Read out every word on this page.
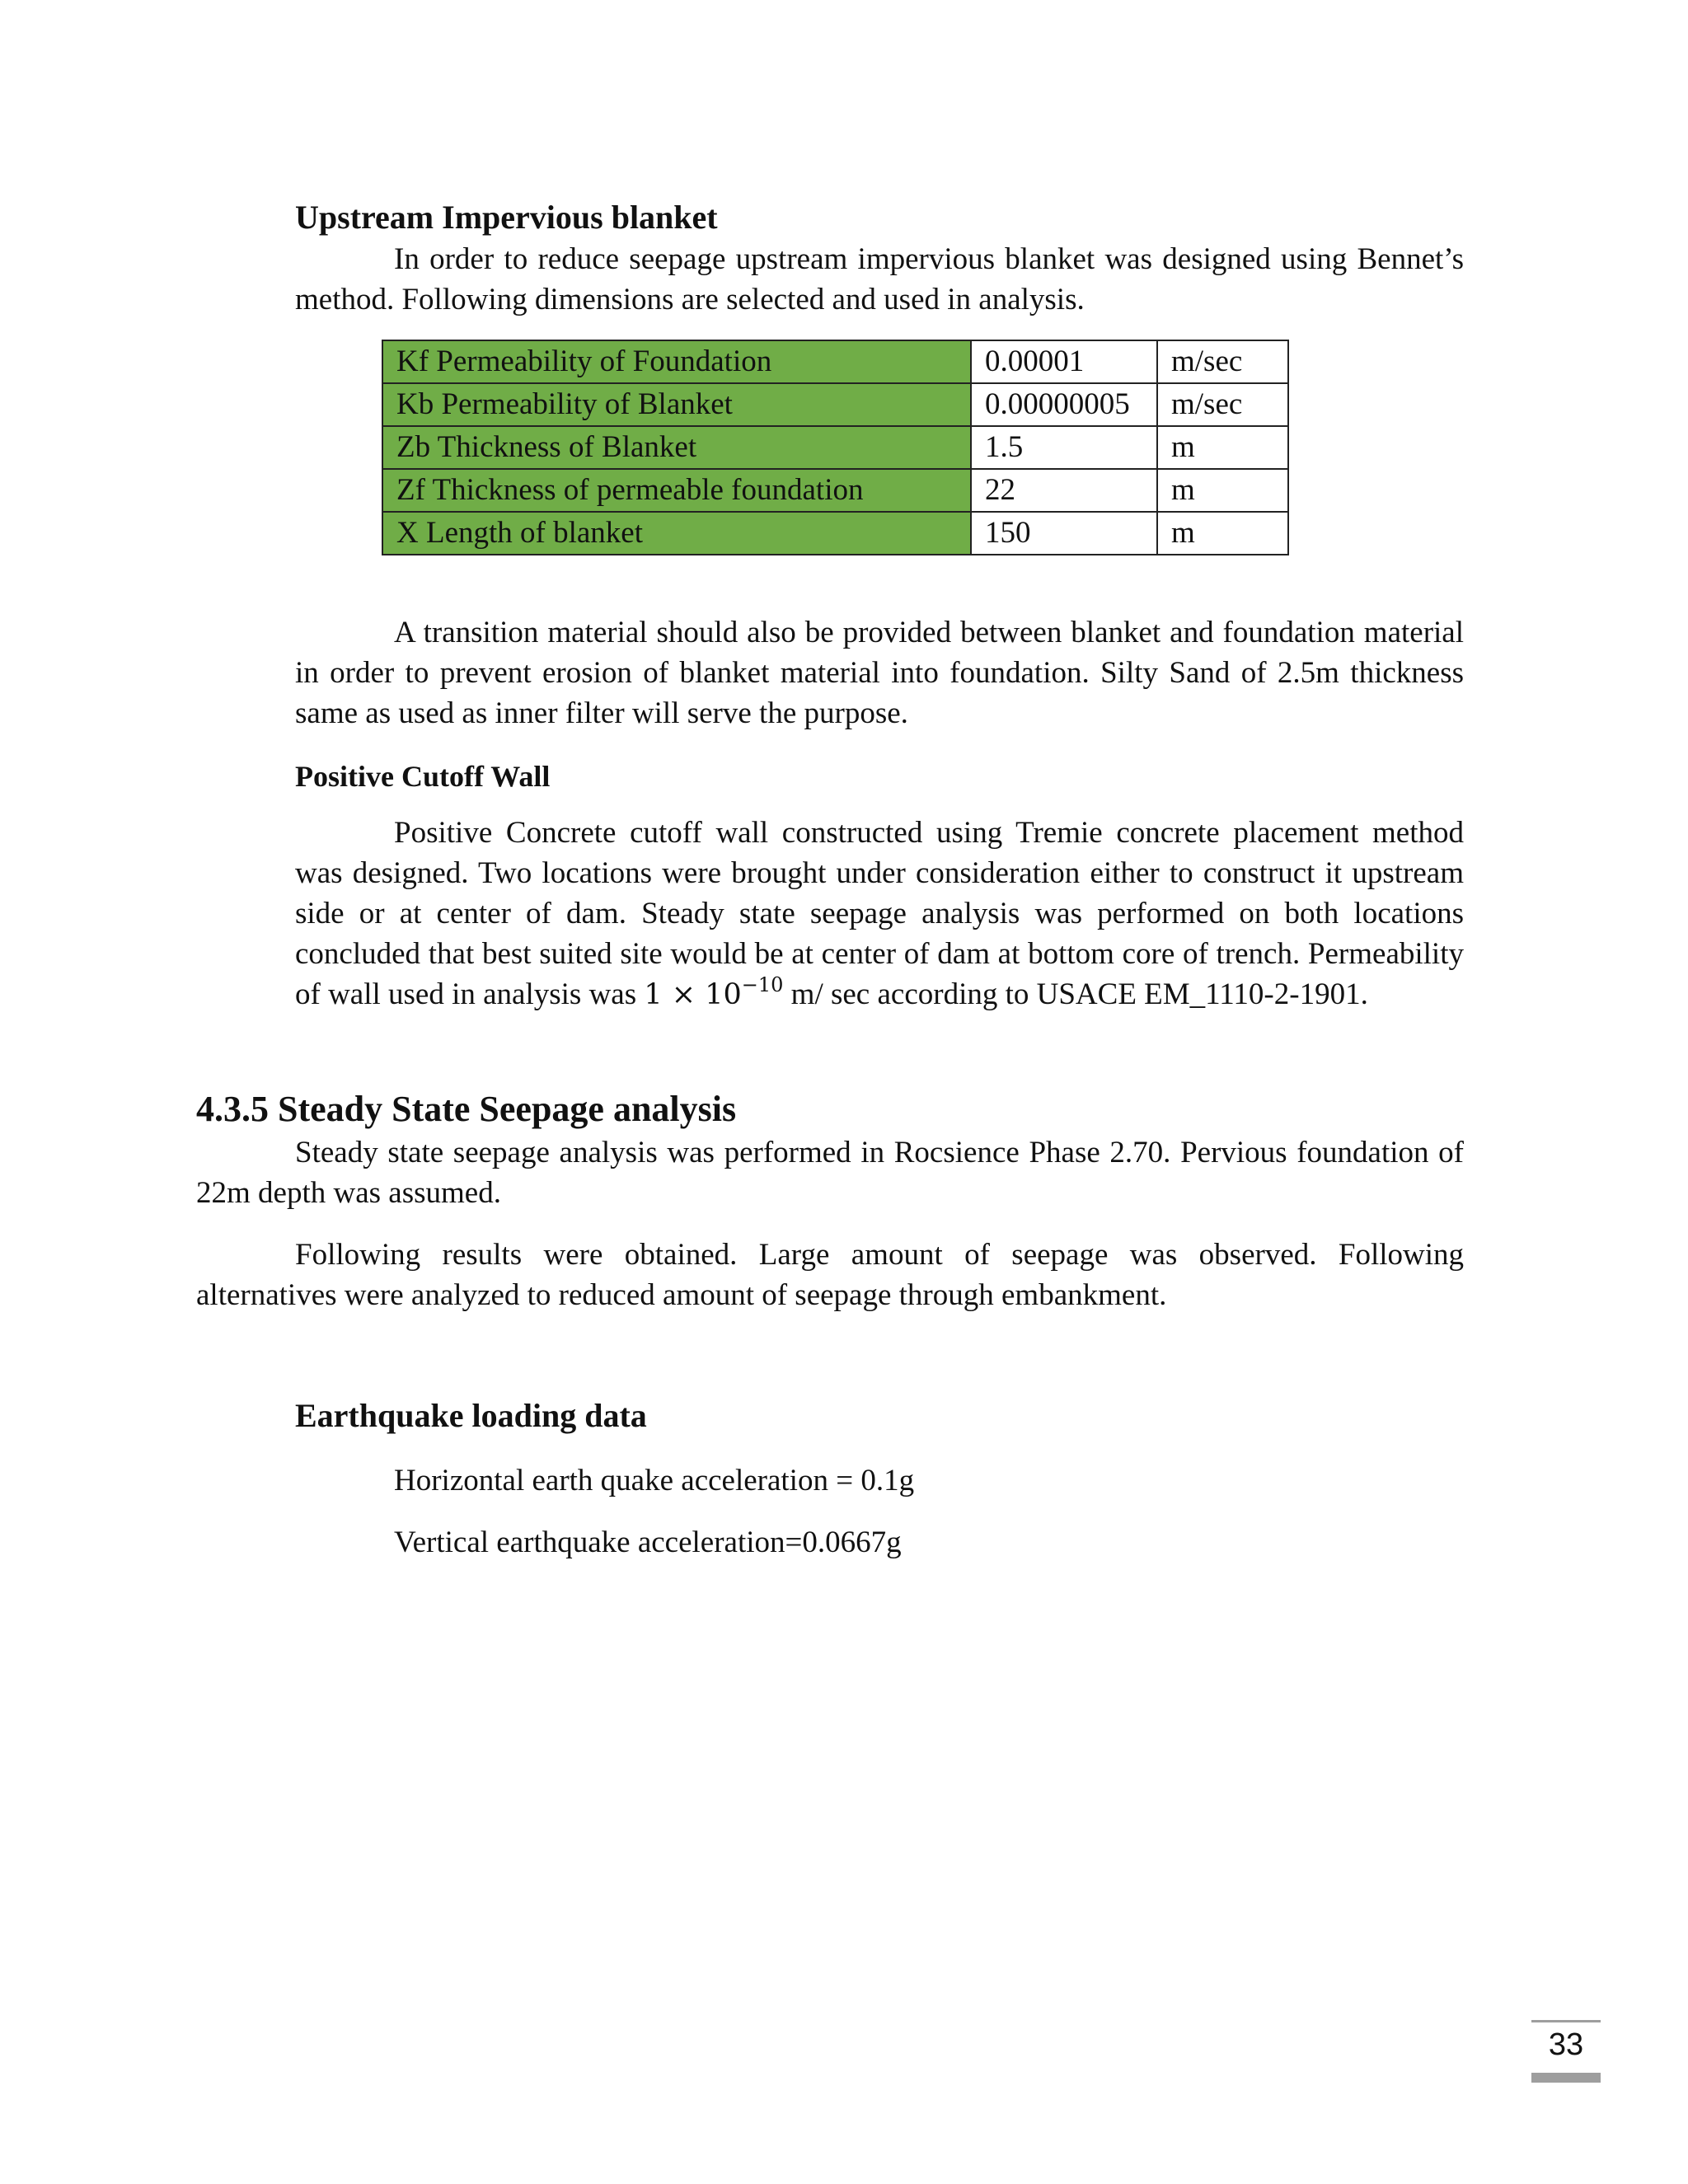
Upstream Impervious blanket

In order to reduce seepage upstream impervious blanket was designed using Bennet’s method. Following dimensions are selected and used in analysis.

Kf Permeability of Foundation	0.00001	m/sec
Kb Permeability of Blanket	0.00000005	m/sec
Zb Thickness of Blanket	1.5	m
Zf Thickness of permeable foundation	22	m
X Length of blanket	150	m

A transition material should also be provided between blanket and foundation material in order to prevent erosion of blanket material into foundation. Silty Sand of 2.5m thickness same as used as inner filter will serve the purpose.

Positive Cutoff Wall

Positive Concrete cutoff wall constructed using Tremie concrete placement method was designed. Two locations were brought under consideration either to construct it upstream side or at center of dam. Steady state seepage analysis was performed on both locations concluded that best suited site would be at center of dam at bottom core of trench. Permeability of wall used in analysis was $1 \times 10^{-10}$ m/ sec according to USACE EM_1110-2-1901.

4.3.5 Steady State Seepage analysis

Steady state seepage analysis was performed in Rocsience Phase 2.70. Pervious foundation of 22m depth was assumed.

Following results were obtained. Large amount of seepage was observed. Following alternatives were analyzed to reduced amount of seepage through embankment.

Earthquake loading data
Horizontal earth quake acceleration = 0.1g
Vertical earthquake acceleration=0.0667g
33
